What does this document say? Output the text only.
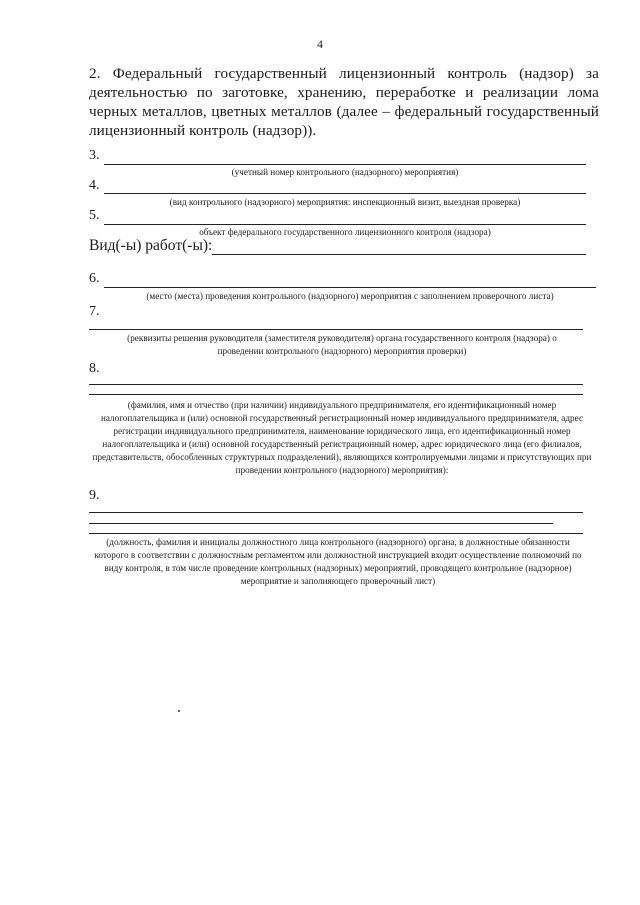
4
2. Федеральный государственный лицензионный контроль (надзор) за деятельностью по заготовке, хранению, переработке и реализации лома черных металлов, цветных металлов (далее – федеральный государственный лицензионный контроль (надзор)).
3.
(учетный номер контрольного (надзорного) мероприятия)
4.
(вид контрольного (надзорного) мероприятия: инспекционный визит, выездная проверка)
5.
объект федерального государственного лицензионного контроля (надзора)
Вид(-ы) работ(-ы):
6.
(место (места) проведения контрольного (надзорного) мероприятия с заполнением проверочного листа)
7.
(реквизиты решения руководителя (заместителя руководителя) органа государственного контроля (надзора) о проведении контрольного (надзорного) мероприятия проверки)
8.
(фамилия, имя и отчество (при наличии) индивидуального предпринимателя, его идентификационный номер налогоплательщика и (или) основной государственный регистрационный номер индивидуального предпринимателя, адрес регистрации индивидуального предпринимателя, наименование юридического лица, его идентификационный номер налогоплательщика и (или) основной государственный регистрационный номер, адрес юридического лица (его филиалов, представительств, обособленных структурных подразделений), являющихся контролируемыми лицами и присутствующих при проведении контрольного (надзорного) мероприятия):
9.
(должность, фамилия и инициалы должностного лица контрольного (надзорного) органа, в должностные обязанности которого в соответствии с должностным регламентом или должностной инструкцией входит осуществление полномочий по виду контроля, в том числе проведение контрольных (надзорных) мероприятий, проводящего контрольное (надзорное) мероприятие и заполняющего проверочный лист)
